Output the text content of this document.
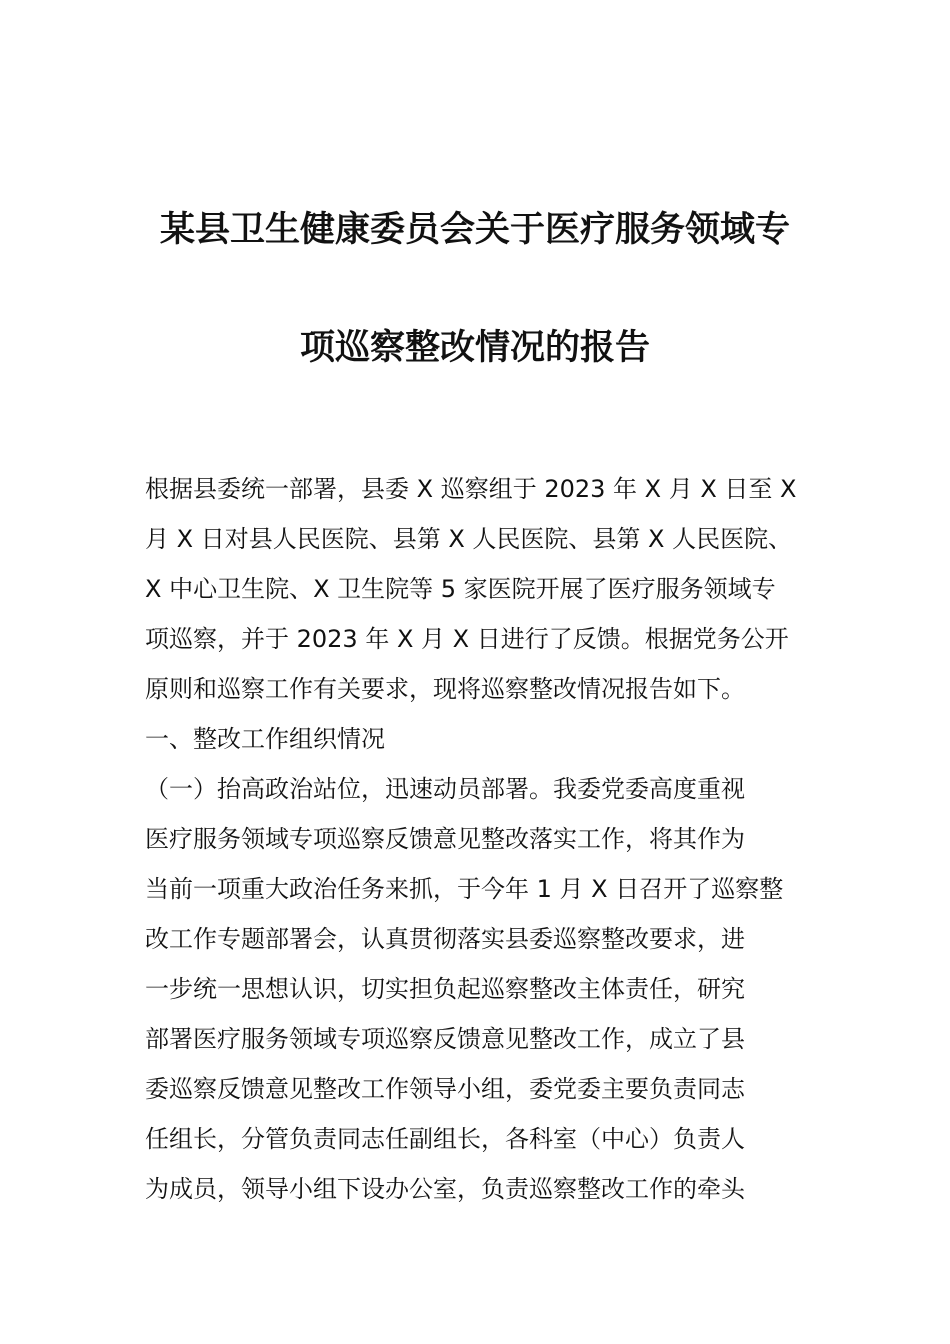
某县卫生健康委员会关于医疗服务领域专
项巡察整改情况的报告
根据县委统一部署，县委 X 巡察组于 2023 年 X 月 X 日至 X
月 X 日对县人民医院、县第 X 人民医院、县第 X 人民医院、
X 中心卫生院、X 卫生院等 5 家医院开展了医疗服务领域专
项巡察，并于 2023 年 X 月 X 日进行了反馈。根据党务公开
原则和巡察工作有关要求，现将巡察整改情况报告如下。
一、整改工作组织情况
（一）抬高政治站位，迅速动员部署。我委党委高度重视
医疗服务领域专项巡察反馈意见整改落实工作，将其作为
当前一项重大政治任务来抓，于今年 1 月 X 日召开了巡察整
改工作专题部署会，认真贯彻落实县委巡察整改要求，进
一步统一思想认识，切实担负起巡察整改主体责任，研究
部署医疗服务领域专项巡察反馈意见整改工作，成立了县
委巡察反馈意见整改工作领导小组，委党委主要负责同志
任组长，分管负责同志任副组长，各科室（中心）负责人
为成员，领导小组下设办公室，负责巡察整改工作的牵头
